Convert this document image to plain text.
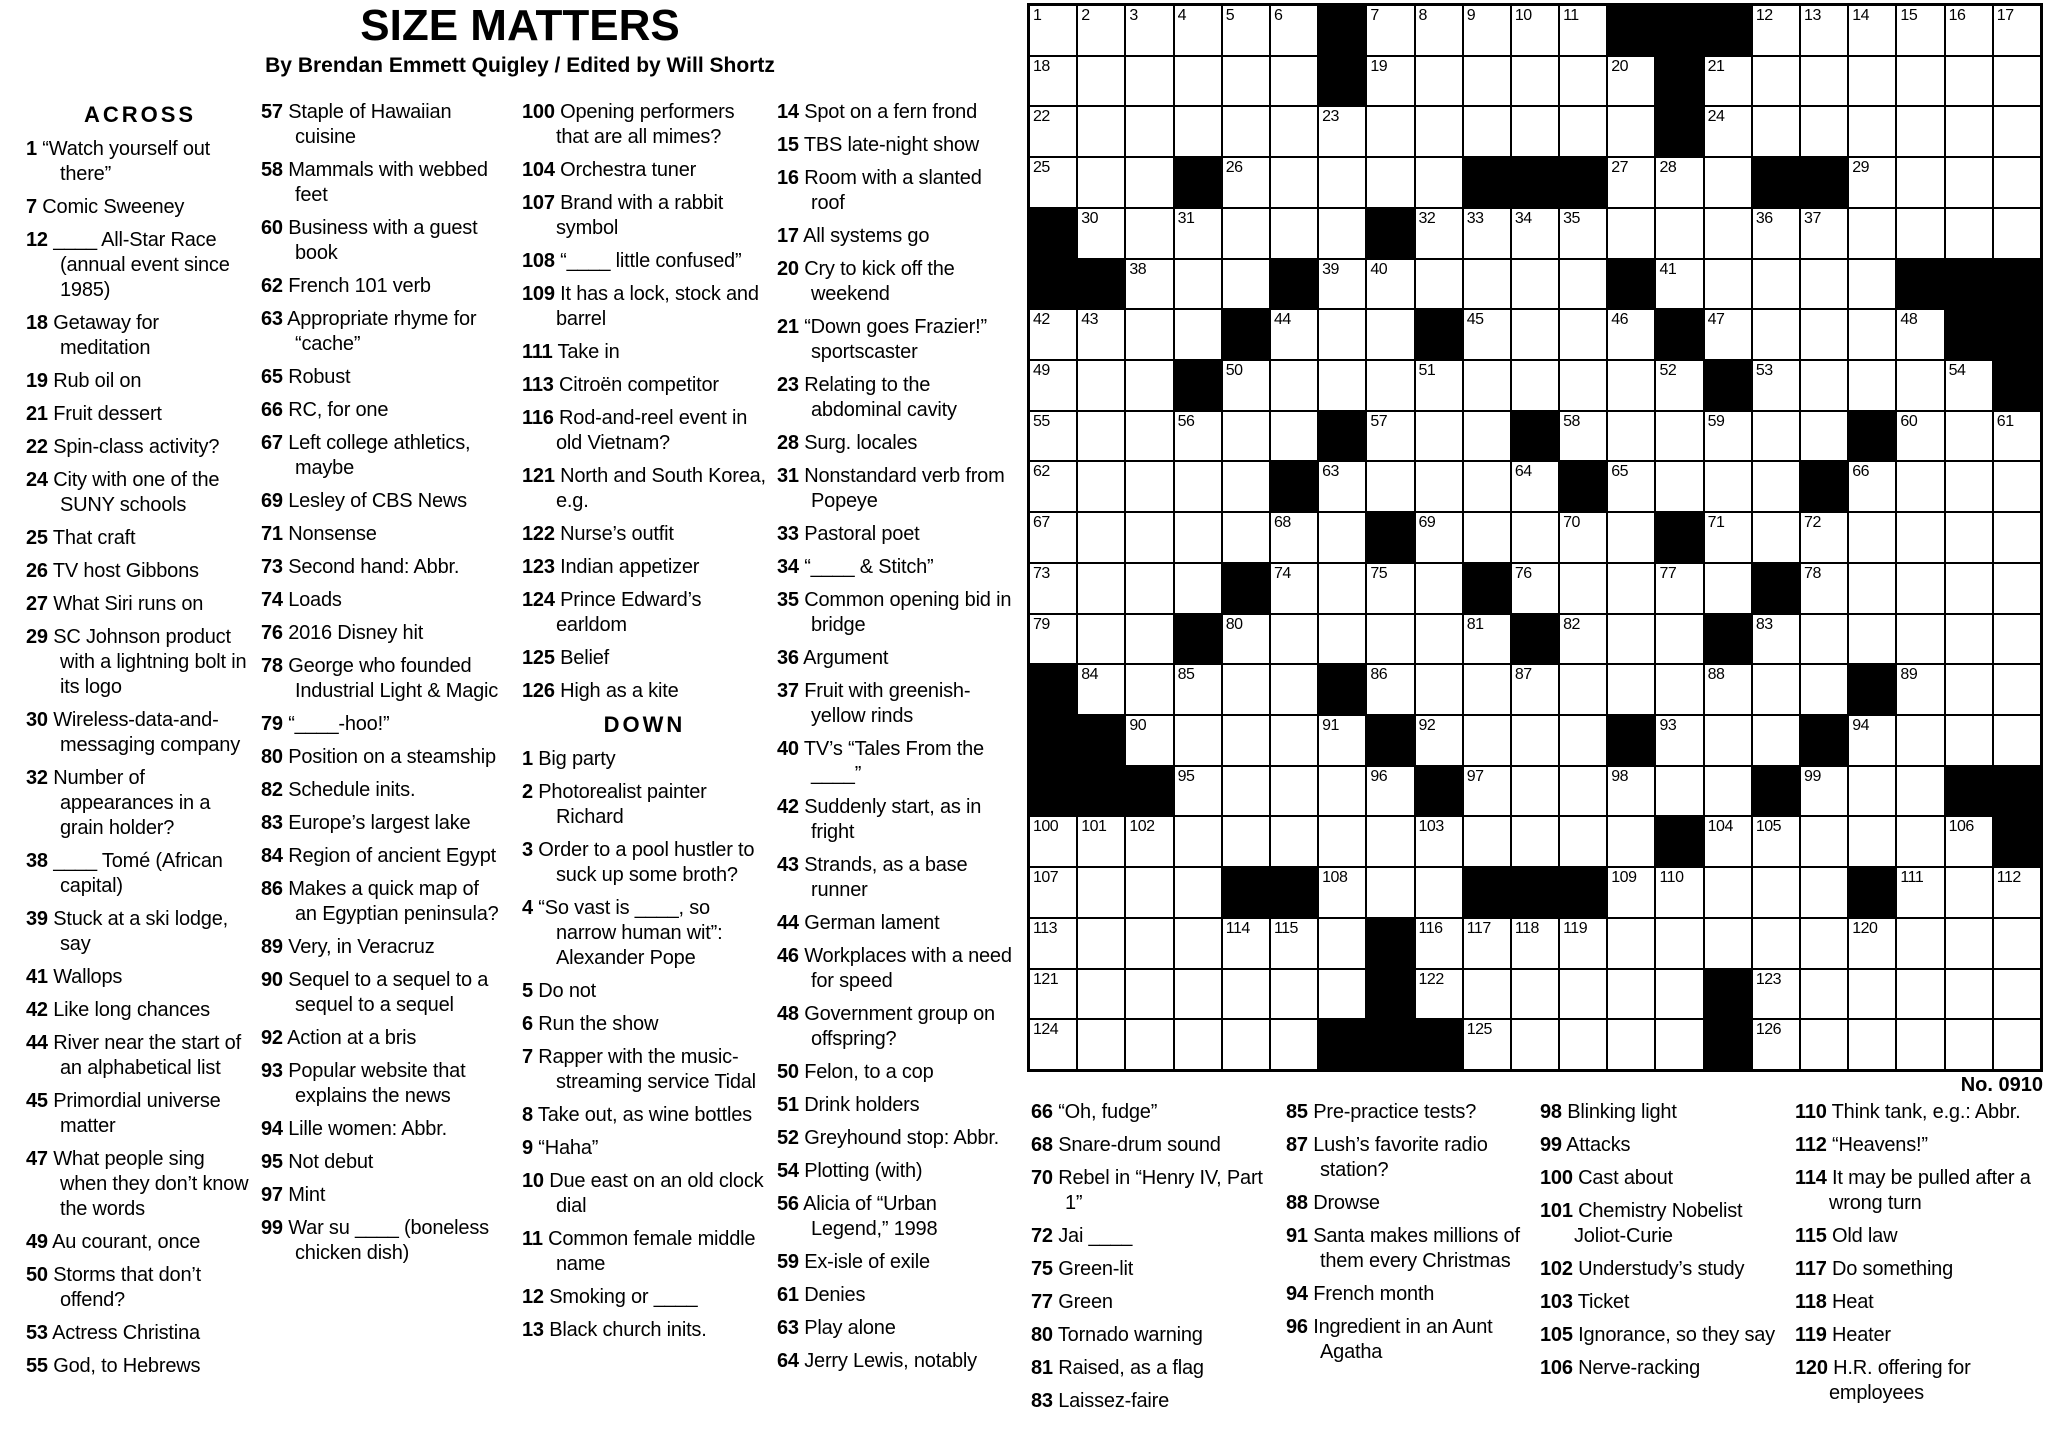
SIZE MATTERS
By Brendan Emmett Quigley / Edited by Will Shortz
ACROSS
1 “Watch yourself out there”
7 Comic Sweeney
12 ____ All-Star Race (annual event since 1985)
18 Getaway for meditation
19 Rub oil on
21 Fruit dessert
22 Spin-class activity?
24 City with one of the SUNY schools
25 That craft
26 TV host Gibbons
27 What Siri runs on
29 SC Johnson product with a lightning bolt in its logo
30 Wireless-data-and-messaging company
32 Number of appearances in a grain holder?
38 ____ Tomé (African capital)
39 Stuck at a ski lodge, say
41 Wallops
42 Like long chances
44 River near the start of an alphabetical list
45 Primordial universe matter
47 What people sing when they don’t know the words
49 Au courant, once
50 Storms that don’t offend?
53 Actress Christina
55 God, to Hebrews
57 Staple of Hawaiian cuisine
58 Mammals with webbed feet
60 Business with a guest book
62 French 101 verb
63 Appropriate rhyme for “cache”
65 Robust
66 RC, for one
67 Left college athletics, maybe
69 Lesley of CBS News
71 Nonsense
73 Second hand: Abbr.
74 Loads
76 2016 Disney hit
78 George who founded Industrial Light & Magic
79 “____-hoo!”
80 Position on a steamship
82 Schedule inits.
83 Europe’s largest lake
84 Region of ancient Egypt
86 Makes a quick map of an Egyptian peninsula?
89 Very, in Veracruz
90 Sequel to a sequel to a sequel to a sequel
92 Action at a bris
93 Popular website that explains the news
94 Lille women: Abbr.
95 Not debut
97 Mint
99 War su ____ (boneless chicken dish)
100 Opening performers that are all mimes?
104 Orchestra tuner
107 Brand with a rabbit symbol
108 “____ little confused”
109 It has a lock, stock and barrel
111 Take in
113 Citroën competitor
116 Rod-and-reel event in old Vietnam?
121 North and South Korea, e.g.
122 Nurse’s outfit
123 Indian appetizer
124 Prince Edward’s earldom
125 Belief
126 High as a kite
DOWN
1 Big party
2 Photorealist painter Richard
3 Order to a pool hustler to suck up some broth?
4 “So vast is ____, so narrow human wit”: Alexander Pope
5 Do not
6 Run the show
7 Rapper with the music-streaming service Tidal
8 Take out, as wine bottles
9 “Haha”
10 Due east on an old clock dial
11 Common female middle name
12 Smoking or ____
13 Black church inits.
14 Spot on a fern frond
15 TBS late-night show
16 Room with a slanted roof
17 All systems go
20 Cry to kick off the weekend
21 “Down goes Frazier!” sportscaster
23 Relating to the abdominal cavity
28 Surg. locales
31 Nonstandard verb from Popeye
33 Pastoral poet
34 “____ & Stitch”
35 Common opening bid in bridge
36 Argument
37 Fruit with greenish-yellow rinds
40 TV’s “Tales From the ____”
42 Suddenly start, as in fright
43 Strands, as a base runner
44 German lament
46 Workplaces with a need for speed
48 Government group on offspring?
50 Felon, to a cop
51 Drink holders
52 Greyhound stop: Abbr.
54 Plotting (with)
56 Alicia of “Urban Legend,” 1998
59 Ex-isle of exile
61 Denies
63 Play alone
64 Jerry Lewis, notably
1 2 3 4 5 6	7 8 9 10 11	12 13 14 15 16 17
18	19	20	21
22	23	24
25	26	27 28	29
30	31	32 33 34 35	36 37
38	39 40	41
42 43	44	45	46	47	48
49	50	51	52	53	54
55	56	57	58	59	60	61
62	63	64	65	66
67	68	69	70	71	72
73	74	75	76	77	78
79	80	81	82	83
84	85	86	87	88	89
90	91	92	93	94
95	96	97	98	99
100 101 102	103	104 105	106
107	108	109 110	111	112
113	114 115	116 117 118 119	120
121	122	123
124	125	126
No. 0910
66 “Oh, fudge”
68 Snare-drum sound
70 Rebel in “Henry IV, Part 1”
72 Jai ____
75 Green-lit
77 Green
80 Tornado warning
81 Raised, as a flag
83 Laissez-faire
85 Pre-practice tests?
87 Lush’s favorite radio station?
88 Drowse
91 Santa makes millions of them every Christmas
94 French month
96 Ingredient in an Aunt Agatha
98 Blinking light
99 Attacks
100 Cast about
101 Chemistry Nobelist Joliot-Curie
102 Understudy’s study
103 Ticket
105 Ignorance, so they say
106 Nerve-racking
110 Think tank, e.g.: Abbr.
112 “Heavens!”
114 It may be pulled after a wrong turn
115 Old law
117 Do something
118 Heat
119 Heater
120 H.R. offering for employees
